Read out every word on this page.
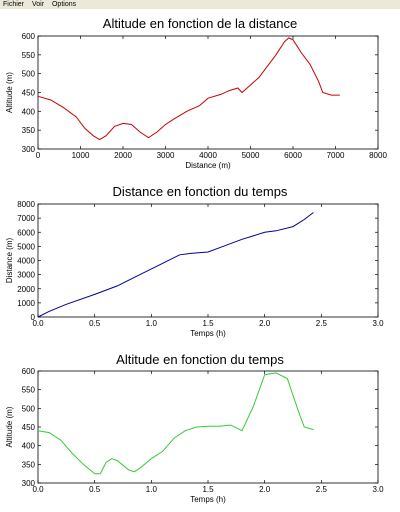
Fichier Voir Options
Altitude en fonction de la distance
0	1000	2000	3000	4000	5000	6000	7000	8000
300
350
400
450
500
550
600
Distance (m)
Altitude (m)
Distance en fonction du temps
0.0	0.5	1.0	1.5	2.0	2.5	3.0
0
1000
2000
3000
4000
5000
6000
7000
8000
Temps (h)
Distance (m)
Altitude en fonction du temps
0.0	0.5	1.0	1.5	2.0	2.5	3.0
300
350
400
450
500
550
600
Temps (h)
Altitude (m)
